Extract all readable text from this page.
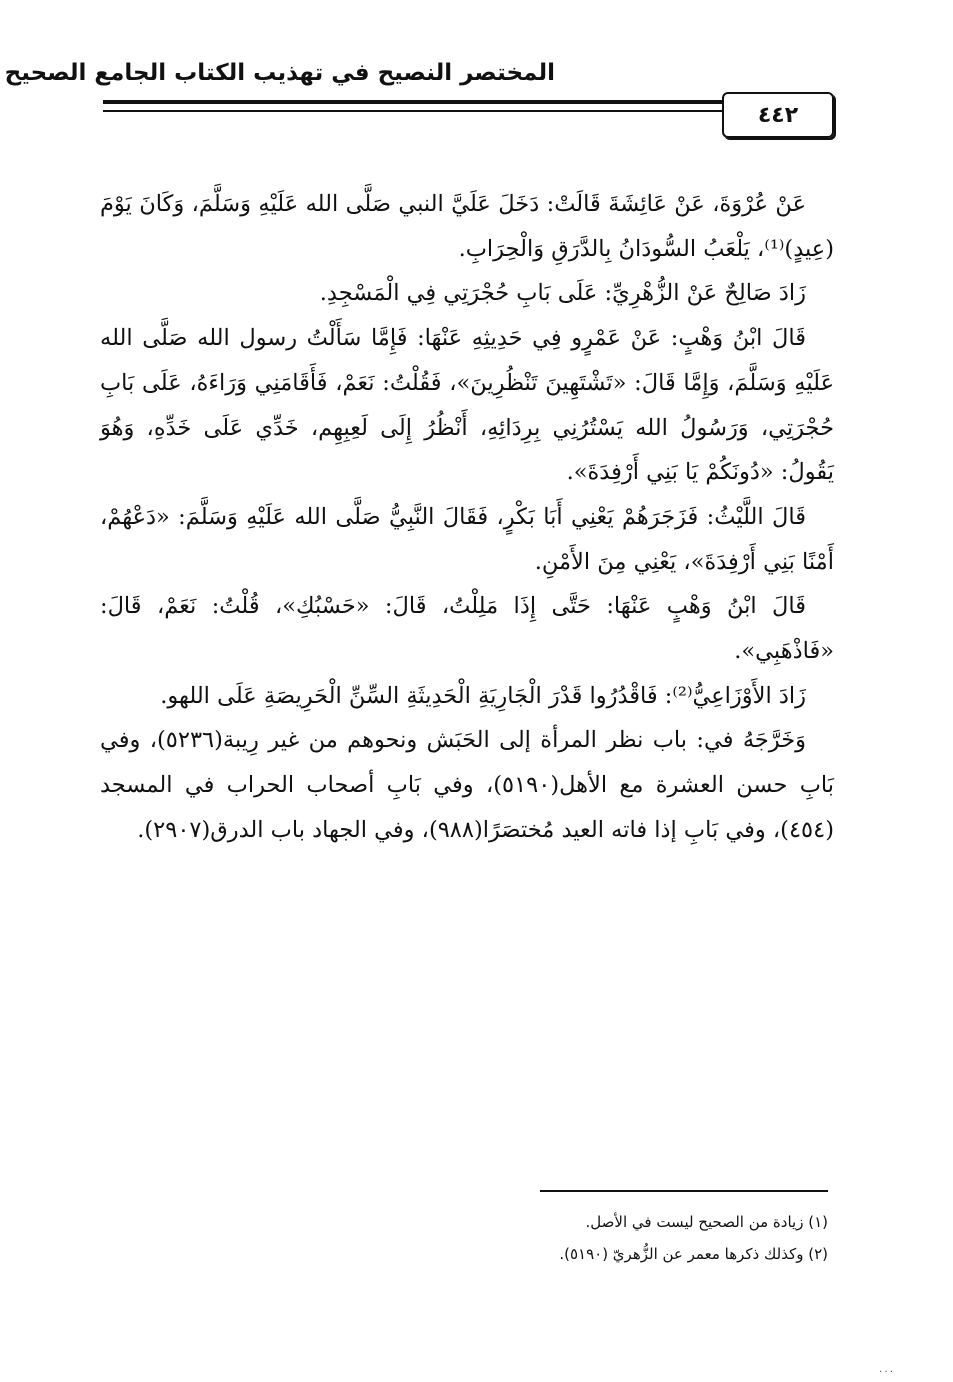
المختصر النصيح في تهذيب الكتاب الجامع الصحيح
٤٤٢

عَنْ عُرْوَةَ، عَنْ عَائِشَةَ قَالَتْ: دَخَلَ عَلَيَّ النبي صَلَّى الله عَلَيْهِ وَسَلَّمَ، وَكَانَ يَوْمَ (عِيدٍ)⁽¹⁾، يَلْعَبُ السُّودَانُ بِالدَّرَقِ وَالْحِرَابِ.

زَادَ صَالِحٌ عَنْ الزُّهْرِيِّ: عَلَى بَابِ حُجْرَتِي فِي الْمَسْجِدِ.

قَالَ ابْنُ وَهْبٍ: عَنْ عَمْرٍو فِي حَدِيثِهِ عَنْهَا: فَإِمَّا سَأَلْتُ رسول الله صَلَّى الله عَلَيْهِ وَسَلَّمَ، وَإِمَّا قَالَ: «تَشْتَهِينَ تَنْظُرِينَ»، فَقُلْتُ: نَعَمْ، فَأَقَامَنِي وَرَاءَهُ، عَلَى بَابِ حُجْرَتِي، وَرَسُولُ الله يَسْتُرُنِي بِرِدَائِهِ، أَنْظُرُ إِلَى لَعِبِهِم، خَدِّي عَلَى خَدِّهِ، وَهُوَ يَقُولُ: «دُونَكُمْ يَا بَنِي أَرْفِدَةَ».

قَالَ اللَّيْثُ: فَزَجَرَهُمْ يَعْنِي أَبَا بَكْرٍ، فَقَالَ النَّبِيُّ صَلَّى الله عَلَيْهِ وَسَلَّمَ: «دَعْهُمْ، أَمْنًا بَنِي أَرْفِدَةَ»، يَعْنِي مِنَ الأَمْنِ.

قَالَ ابْنُ وَهْبٍ عَنْهَا: حَتَّى إِذَا مَلِلْتُ، قَالَ: «حَسْبُكِ»، قُلْتُ: نَعَمْ، قَالَ: «فَاذْهَبِي».

زَادَ الأَوْزَاعِيُّ⁽²⁾: فَاقْدُرُوا قَدْرَ الْجَارِيَةِ الْحَدِيثَةِ السِّنِّ الْحَرِيصَةِ عَلَى اللهو.

وَخَرَّجَهُ في: باب نظر المرأة إلى الحَبَش ونحوهم من غير رِيبة(٥٢٣٦)، وفي بَابِ حسن العشرة مع الأهل(٥١٩٠)، وفي بَابِ أصحاب الحراب في المسجد (٤٥٤)، وفي بَابِ إذا فاته العيد مُختصَرًا(٩٨٨)، وفي الجهاد باب الدرق(٢٩٠٧).

(١) زيادة من الصحيح ليست في الأصل.
(٢) وكذلك ذكرها معمر عن الزُّهريّ (٥١٩٠).
٠٠٠
